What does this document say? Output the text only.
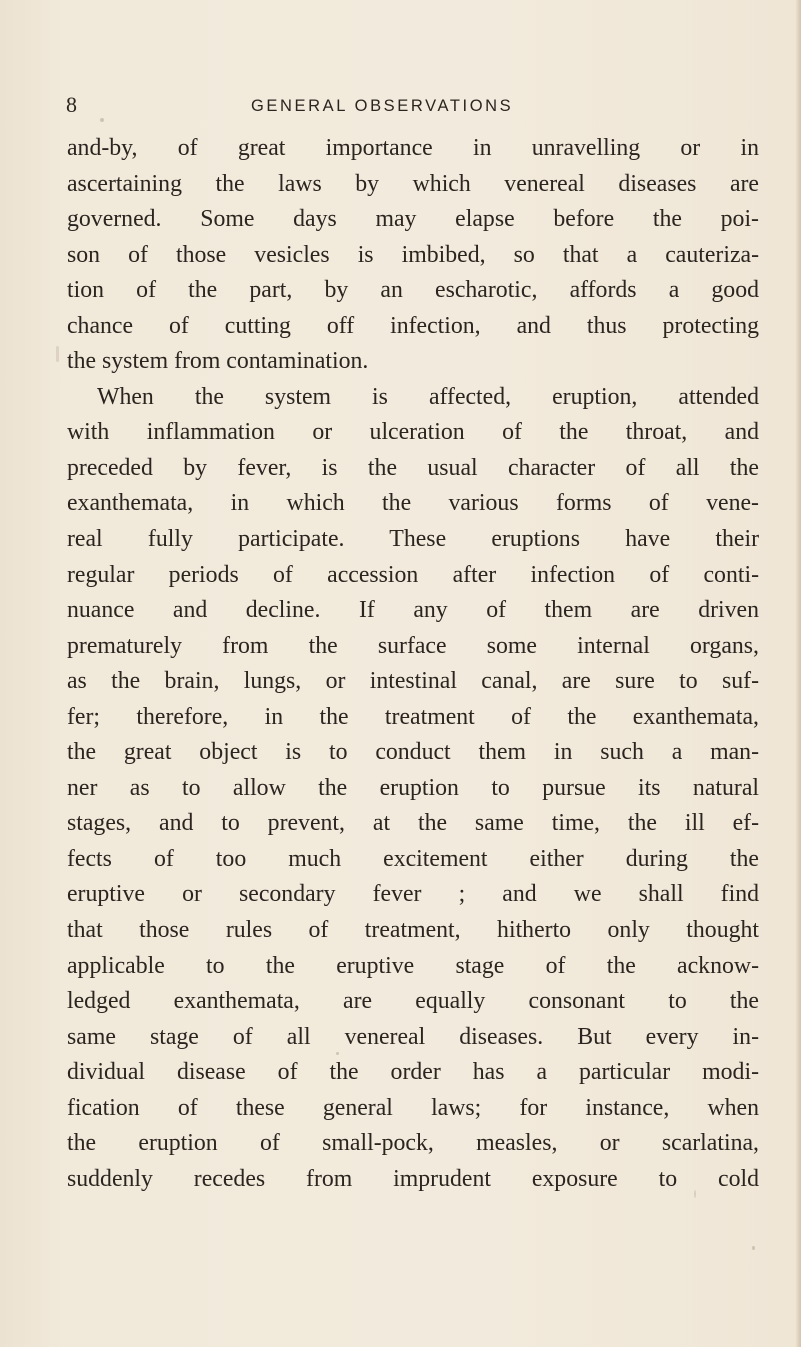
8	GENERAL OBSERVATIONS
and-by, of great importance in unravelling or in
ascertaining the laws by which venereal diseases are
governed. Some days may elapse before the poi-
son of those vesicles is imbibed, so that a cauteriza-
tion of the part, by an escharotic, affords a good
chance of cutting off infection, and thus protecting
the system from contamination.
When the system is affected, eruption, attended
with inflammation or ulceration of the throat, and
preceded by fever, is the usual character of all the
exanthemata, in which the various forms of vene-
real fully participate. These eruptions have their
regular periods of accession after infection of conti-
nuance and decline. If any of them are driven
prematurely from the surface some internal organs,
as the brain, lungs, or intestinal canal, are sure to suf-
fer; therefore, in the treatment of the exanthemata,
the great object is to conduct them in such a man-
ner as to allow the eruption to pursue its natural
stages, and to prevent, at the same time, the ill ef-
fects of too much excitement either during the
eruptive or secondary fever ; and we shall find
that those rules of treatment, hitherto only thought
applicable to the eruptive stage of the acknow-
ledged exanthemata, are equally consonant to the
same stage of all venereal diseases. But every in-
dividual disease of the order has a particular modi-
fication of these general laws; for instance, when
the eruption of small-pock, measles, or scarlatina,
suddenly recedes from imprudent exposure to cold
